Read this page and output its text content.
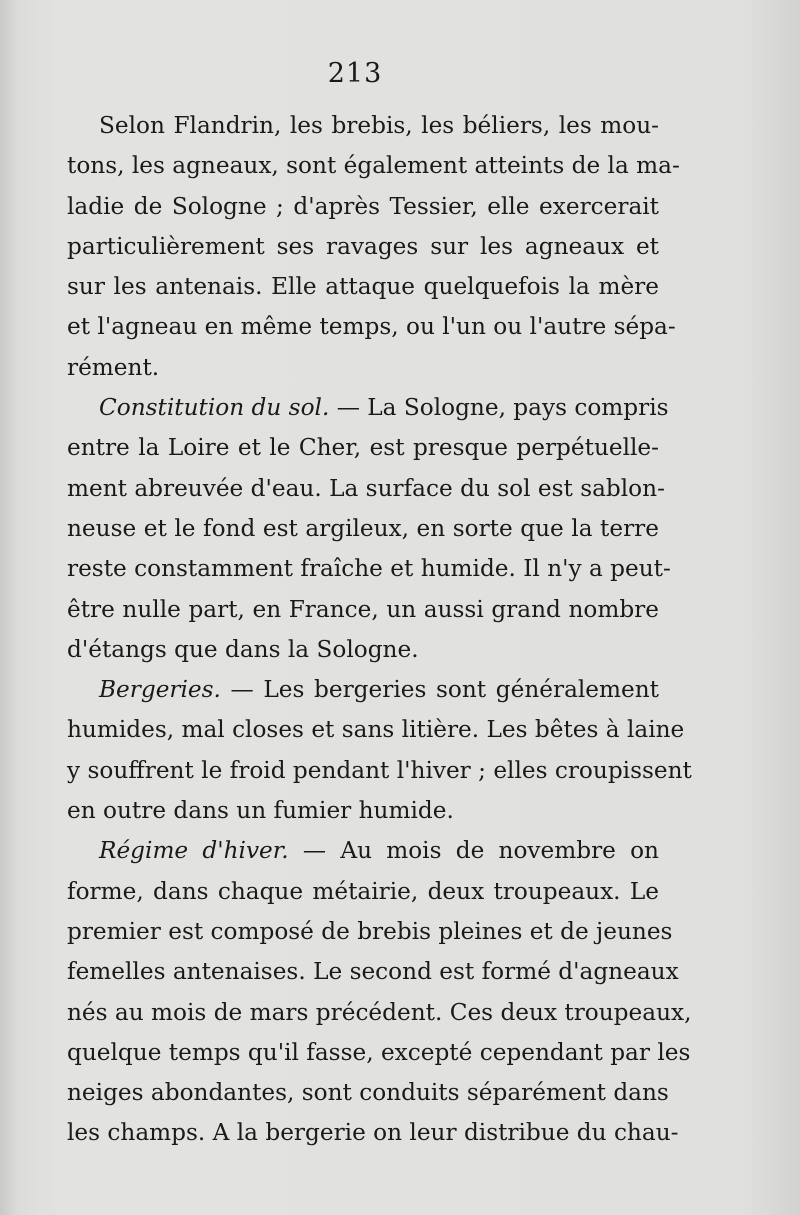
213
Selon Flandrin, les brebis, les béliers, les mou-
tons, les agneaux, sont également atteints de la ma-
ladie de Sologne ; d'après Tessier, elle exercerait
particulièrement ses ravages sur les agneaux et
sur les antenais. Elle attaque quelquefois la mère
et l'agneau en même temps, ou l'un ou l'autre sépa-
rément.
Constitution du sol. — La Sologne, pays compris
entre la Loire et le Cher, est presque perpétuelle-
ment abreuvée d'eau. La surface du sol est sablon-
neuse et le fond est argileux, en sorte que la terre
reste constamment fraîche et humide. Il n'y a peut-
être nulle part, en France, un aussi grand nombre
d'étangs que dans la Sologne.
Bergeries. — Les bergeries sont généralement
humides, mal closes et sans litière. Les bêtes à laine
y souffrent le froid pendant l'hiver ; elles croupissent
en outre dans un fumier humide.
Régime d'hiver. — Au mois de novembre on
forme, dans chaque métairie, deux troupeaux. Le
premier est composé de brebis pleines et de jeunes
femelles antenaises. Le second est formé d'agneaux
nés au mois de mars précédent. Ces deux troupeaux,
quelque temps qu'il fasse, excepté cependant par les
neiges abondantes, sont conduits séparément dans
les champs. A la bergerie on leur distribue du chau-
